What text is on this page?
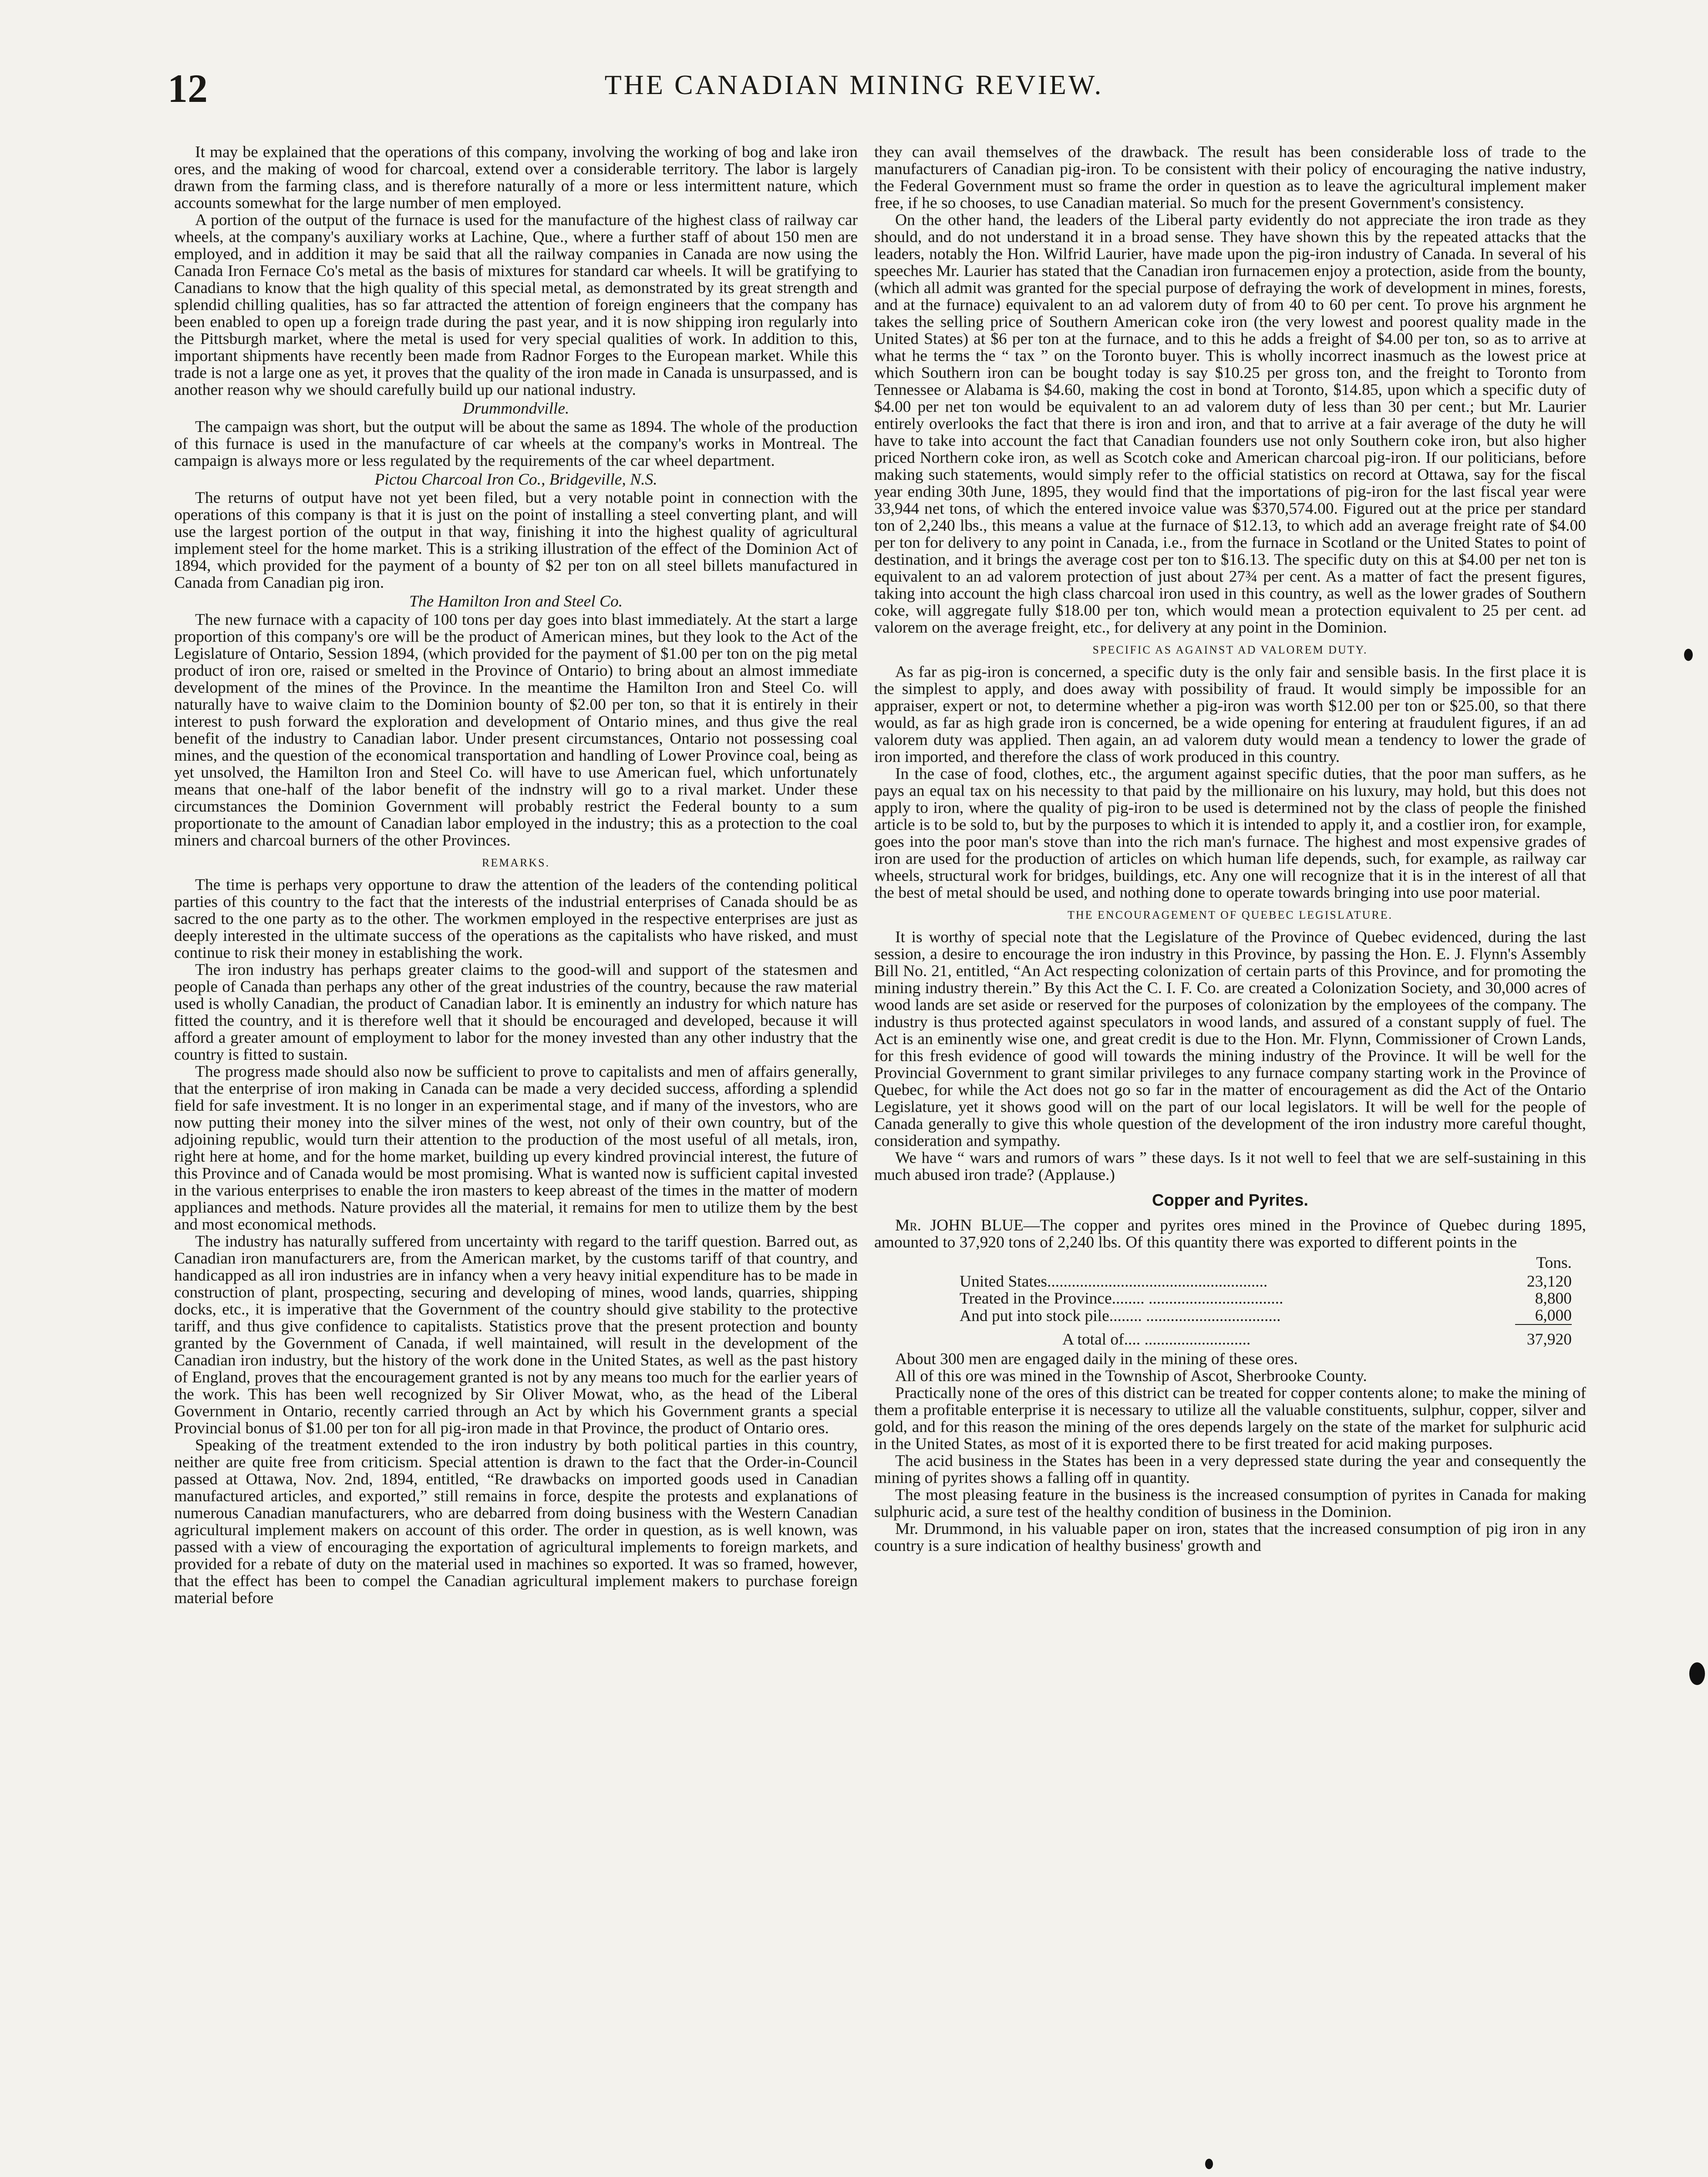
12	THE CANADIAN MINING REVIEW.

It may be explained that the operations of this company, involving the working of bog and lake iron ores, and the making of wood for charcoal, extend over a considerable territory. The labor is largely drawn from the farming class, and is therefore naturally of a more or less intermittent nature, which accounts somewhat for the large number of men employed.

A portion of the output of the furnace is used for the manufacture of the highest class of railway car wheels, at the company's auxiliary works at Lachine, Que., where a further staff of about 150 men are employed, and in addition it may be said that all the railway companies in Canada are now using the Canada Iron Fernace Co's metal as the basis of mixtures for standard car wheels. It will be gratifying to Canadians to know that the high quality of this special metal, as demonstrated by its great strength and splendid chilling qualities, has so far attracted the attention of foreign engineers that the company has been enabled to open up a foreign trade during the past year, and it is now shipping iron regularly into the Pittsburgh market, where the metal is used for very special qualities of work. In addition to this, important shipments have recently been made from Radnor Forges to the European market. While this trade is not a large one as yet, it proves that the quality of the iron made in Canada is unsurpassed, and is another reason why we should carefully build up our national industry.

Drummondville.

The campaign was short, but the output will be about the same as 1894. The whole of the production of this furnace is used in the manufacture of car wheels at the company's works in Montreal. The campaign is always more or less regulated by the requirements of the car wheel department.

Pictou Charcoal Iron Co., Bridgeville, N.S.

The returns of output have not yet been filed, but a very notable point in connection with the operations of this company is that it is just on the point of installing a steel converting plant, and will use the largest portion of the output in that way, finishing it into the highest quality of agricultural implement steel for the home market. This is a striking illustration of the effect of the Dominion Act of 1894, which provided for the payment of a bounty of $2 per ton on all steel billets manufactured in Canada from Canadian pig iron.

The Hamilton Iron and Steel Co.

The new furnace with a capacity of 100 tons per day goes into blast immediately. At the start a large proportion of this company's ore will be the product of American mines, but they look to the Act of the Legislature of Ontario, Session 1894, (which provided for the payment of $1.00 per ton on the pig metal product of iron ore, raised or smelted in the Province of Ontario) to bring about an almost immediate development of the mines of the Province. In the meantime the Hamilton Iron and Steel Co. will naturally have to waive claim to the Dominion bounty of $2.00 per ton, so that it is entirely in their interest to push forward the exploration and development of Ontario mines, and thus give the real benefit of the industry to Canadian labor. Under present circumstances, Ontario not possessing coal mines, and the question of the economical transportation and handling of Lower Province coal, being as yet unsolved, the Hamilton Iron and Steel Co. will have to use American fuel, which unfortunately means that one-half of the labor benefit of the indnstry will go to a rival market. Under these circumstances the Dominion Government will probably restrict the Federal bounty to a sum proportionate to the amount of Canadian labor employed in the industry; this as a protection to the coal miners and charcoal burners of the other Provinces.

REMARKS.

The time is perhaps very opportune to draw the attention of the leaders of the contending political parties of this country to the fact that the interests of the industrial enterprises of Canada should be as sacred to the one party as to the other. The workmen employed in the respective enterprises are just as deeply interested in the ultimate success of the operations as the capitalists who have risked, and must continue to risk their money in establishing the work.

The iron industry has perhaps greater claims to the good-will and support of the statesmen and people of Canada than perhaps any other of the great industries of the country, because the raw material used is wholly Canadian, the product of Canadian labor. It is eminently an industry for which nature has fitted the country, and it is therefore well that it should be encouraged and developed, because it will afford a greater amount of employment to labor for the money invested than any other industry that the country is fitted to sustain.

The progress made should also now be sufficient to prove to capitalists and men of affairs generally, that the enterprise of iron making in Canada can be made a very decided success, affording a splendid field for safe investment. It is no longer in an experimental stage, and if many of the investors, who are now putting their money into the silver mines of the west, not only of their own country, but of the adjoining republic, would turn their attention to the production of the most useful of all metals, iron, right here at home, and for the home market, building up every kindred provincial interest, the future of this Province and of Canada would be most promising. What is wanted now is sufficient capital invested in the various enterprises to enable the iron masters to keep abreast of the times in the matter of modern appliances and methods. Nature provides all the material, it remains for men to utilize them by the best and most economical methods.

The industry has naturally suffered from uncertainty with regard to the tariff question. Barred out, as Canadian iron manufacturers are, from the American market, by the customs tariff of that country, and handicapped as all iron industries are in infancy when a very heavy initial expenditure has to be made in construction of plant, prospecting, securing and developing of mines, wood lands, quarries, shipping docks, etc., it is imperative that the Government of the country should give stability to the protective tariff, and thus give confidence to capitalists. Statistics prove that the present protection and bounty granted by the Government of Canada, if well maintained, will result in the development of the Canadian iron industry, but the history of the work done in the United States, as well as the past history of England, proves that the encouragement granted is not by any means too much for the earlier years of the work. This has been well recognized by Sir Oliver Mowat, who, as the head of the Liberal Government in Ontario, recently carried through an Act by which his Government grants a special Provincial bonus of $1.00 per ton for all pig-iron made in that Province, the product of Ontario ores.

Speaking of the treatment extended to the iron industry by both political parties in this country, neither are quite free from criticism. Special attention is drawn to the fact that the Order-in-Council passed at Ottawa, Nov. 2nd, 1894, entitled, “Re drawbacks on imported goods used in Canadian manufactured articles, and exported,” still remains in force, despite the protests and explanations of numerous Canadian manufacturers, who are debarred from doing business with the Western Canadian agricultural implement makers on account of this order. The order in question, as is well known, was passed with a view of encouraging the exportation of agricultural implements to foreign markets, and provided for a rebate of duty on the material used in machines so exported. It was so framed, however, that the effect has been to compel the Canadian agricultural implement makers to purchase foreign material before

they can avail themselves of the drawback. The result has been considerable loss of trade to the manufacturers of Canadian pig-iron. To be consistent with their policy of encouraging the native industry, the Federal Government must so frame the order in question as to leave the agricultural implement maker free, if he so chooses, to use Canadian material. So much for the present Government's consistency.

On the other hand, the leaders of the Liberal party evidently do not appreciate the iron trade as they should, and do not understand it in a broad sense. They have shown this by the repeated attacks that the leaders, notably the Hon. Wilfrid Laurier, have made upon the pig-iron industry of Canada. In several of his speeches Mr. Laurier has stated that the Canadian iron furnacemen enjoy a protection, aside from the bounty, (which all admit was granted for the special purpose of defraying the work of development in mines, forests, and at the furnace) equivalent to an ad valorem duty of from 40 to 60 per cent. To prove his argnment he takes the selling price of Southern American coke iron (the very lowest and poorest quality made in the United States) at $6 per ton at the furnace, and to this he adds a freight of $4.00 per ton, so as to arrive at what he terms the “ tax ” on the Toronto buyer. This is wholly incorrect inasmuch as the lowest price at which Southern iron can be bought today is say $10.25 per gross ton, and the freight to Toronto from Tennessee or Alabama is $4.60, making the cost in bond at Toronto, $14.85, upon which a specific duty of $4.00 per net ton would be equivalent to an ad valorem duty of less than 30 per cent.; but Mr. Laurier entirely overlooks the fact that there is iron and iron, and that to arrive at a fair average of the duty he will have to take into account the fact that Canadian founders use not only Southern coke iron, but also higher priced Northern coke iron, as well as Scotch coke and American charcoal pig-iron. If our politicians, before making such statements, would simply refer to the official statistics on record at Ottawa, say for the fiscal year ending 30th June, 1895, they would find that the importations of pig-iron for the last fiscal year were 33,944 net tons, of which the entered invoice value was $370,574.00. Figured out at the price per standard ton of 2,240 lbs., this means a value at the furnace of $12.13, to which add an average freight rate of $4.00 per ton for delivery to any point in Canada, i.e., from the furnace in Scotland or the United States to point of destination, and it brings the average cost per ton to $16.13. The specific duty on this at $4.00 per net ton is equivalent to an ad valorem protection of just about 27¾ per cent. As a matter of fact the present figures, taking into account the high class charcoal iron used in this country, as well as the lower grades of Southern coke, will aggregate fully $18.00 per ton, which would mean a protection equivalent to 25 per cent. ad valorem on the average freight, etc., for delivery at any point in the Dominion.

SPECIFIC AS AGAINST AD VALOREM DUTY.

As far as pig-iron is concerned, a specific duty is the only fair and sensible basis. In the first place it is the simplest to apply, and does away with possibility of fraud. It would simply be impossible for an appraiser, expert or not, to determine whether a pig-iron was worth $12.00 per ton or $25.00, so that there would, as far as high grade iron is concerned, be a wide opening for entering at fraudulent figures, if an ad valorem duty was applied. Then again, an ad valorem duty would mean a tendency to lower the grade of iron imported, and therefore the class of work produced in this country.

In the case of food, clothes, etc., the argument against specific duties, that the poor man suffers, as he pays an equal tax on his necessity to that paid by the millionaire on his luxury, may hold, but this does not apply to iron, where the quality of pig-iron to be used is determined not by the class of people the finished article is to be sold to, but by the purposes to which it is intended to apply it, and a costlier iron, for example, goes into the poor man's stove than into the rich man's furnace. The highest and most expensive grades of iron are used for the production of articles on which human life depends, such, for example, as railway car wheels, structural work for bridges, buildings, etc. Any one will recognize that it is in the interest of all that the best of metal should be used, and nothing done to operate towards bringing into use poor material.

THE ENCOURAGEMENT OF QUEBEC LEGISLATURE.

It is worthy of special note that the Legislature of the Province of Quebec evidenced, during the last session, a desire to encourage the iron industry in this Province, by passing the Hon. E. J. Flynn's Assembly Bill No. 21, entitled, “An Act respecting colonization of certain parts of this Province, and for promoting the mining industry therein.” By this Act the C. I. F. Co. are created a Colonization Society, and 30,000 acres of wood lands are set aside or reserved for the purposes of colonization by the employees of the company. The industry is thus protected against speculators in wood lands, and assured of a constant supply of fuel. The Act is an eminently wise one, and great credit is due to the Hon. Mr. Flynn, Commissioner of Crown Lands, for this fresh evidence of good will towards the mining industry of the Province. It will be well for the Provincial Government to grant similar privileges to any furnace company starting work in the Province of Quebec, for while the Act does not go so far in the matter of encouragement as did the Act of the Ontario Legislature, yet it shows good will on the part of our local legislators. It will be well for the people of Canada generally to give this whole question of the development of the iron industry more careful thought, consideration and sympathy.

We have “ wars and rumors of wars ” these days. Is it not well to feel that we are self-sustaining in this much abused iron trade? (Applause.)

Copper and Pyrites.

Mr. JOHN BLUE—The copper and pyrites ores mined in the Province of Quebec during 1895, amounted to 37,920 tons of 2,240 lbs. Of this quantity there was exported to different points in the

	Tons.
United States......................................................	23,120
Treated in the Province........ .................................	8,800
And put into stock pile........ .................................	6,000
A total of.... ..........................	37,920

About 300 men are engaged daily in the mining of these ores.

All of this ore was mined in the Township of Ascot, Sherbrooke County.

Practically none of the ores of this district can be treated for copper contents alone; to make the mining of them a profitable enterprise it is necessary to utilize all the valuable constituents, sulphur, copper, silver and gold, and for this reason the mining of the ores depends largely on the state of the market for sulphuric acid in the United States, as most of it is exported there to be first treated for acid making purposes.

The acid business in the States has been in a very depressed state during the year and consequently the mining of pyrites shows a falling off in quantity.

The most pleasing feature in the business is the increased consumption of pyrites in Canada for making sulphuric acid, a sure test of the healthy condition of business in the Dominion.

Mr. Drummond, in his valuable paper on iron, states that the increased consumption of pig iron in any country is a sure indication of healthy business' growth and
